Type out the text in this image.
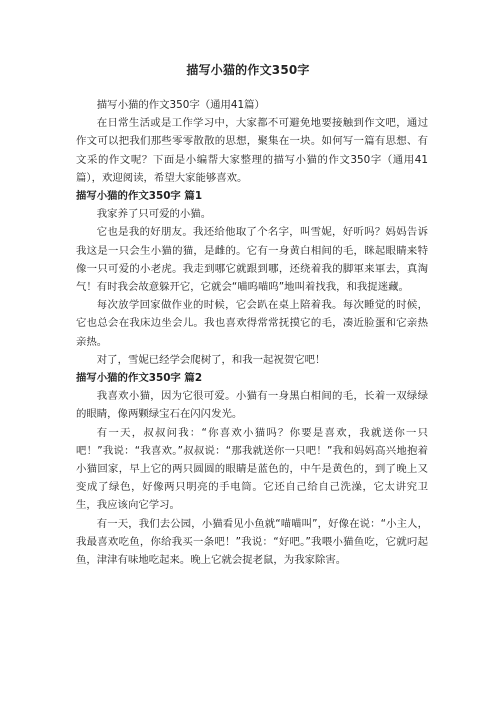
描写小猫的作文350字

描写小猫的作文350字（通用41篇）

在日常生活或是工作学习中，大家都不可避免地要接触到作文吧，通过作文可以把我们那些零零散散的思想，聚集在一块。如何写一篇有思想、有文采的作文呢？下面是小编帮大家整理的描写小猫的作文350字（通用41篇），欢迎阅读，希望大家能够喜欢。

描写小猫的作文350字 篇1

我家养了只可爱的小猫。

它也是我的好朋友。我还给他取了个名字，叫雪妮，好听吗？妈妈告诉我这是一只会生小猫的猫，是雌的。它有一身黄白相间的毛，眯起眼睛来特像一只可爱的小老虎。我走到哪它就跟到哪，还绕着我的脚軍来軍去，真淘气！有时我会故意躲开它，它就会“喵呜喵呜”地叫着找我，和我捉迷藏。

每次放学回家做作业的时候，它会趴在桌上陪着我。每次睡觉的时候，它也总会在我床边坐会儿。我也喜欢得常常抚摸它的毛，凑近脸蛋和它亲热亲热。

对了，雪妮已经学会爬树了，和我一起祝贺它吧！

描写小猫的作文350字 篇2

我喜欢小猫，因为它很可爱。小猫有一身黑白相间的毛，长着一双绿绿的眼睛，像两颗绿宝石在闪闪发光。

有一天，叔叔问我：“你喜欢小猫吗？你要是喜欢，我就送你一只吧！”我说：“我喜欢。”叔叔说：“那我就送你一只吧！”我和妈妈高兴地抱着小猫回家，早上它的两只圆圆的眼睛是蓝色的，中午是黄色的，到了晚上又变成了绿色，好像两只明亮的手电筒。它还自己给自己洗澡，它太讲究卫生，我应该向它学习。

有一天，我们去公园，小猫看见小鱼就“喵喵叫”，好像在说：“小主人，我最喜欢吃鱼，你给我买一条吧！”我说：“好吧。”我喂小猫鱼吃，它就叼起鱼，津津有味地吃起来。晚上它就会捉老鼠，为我家除害。
